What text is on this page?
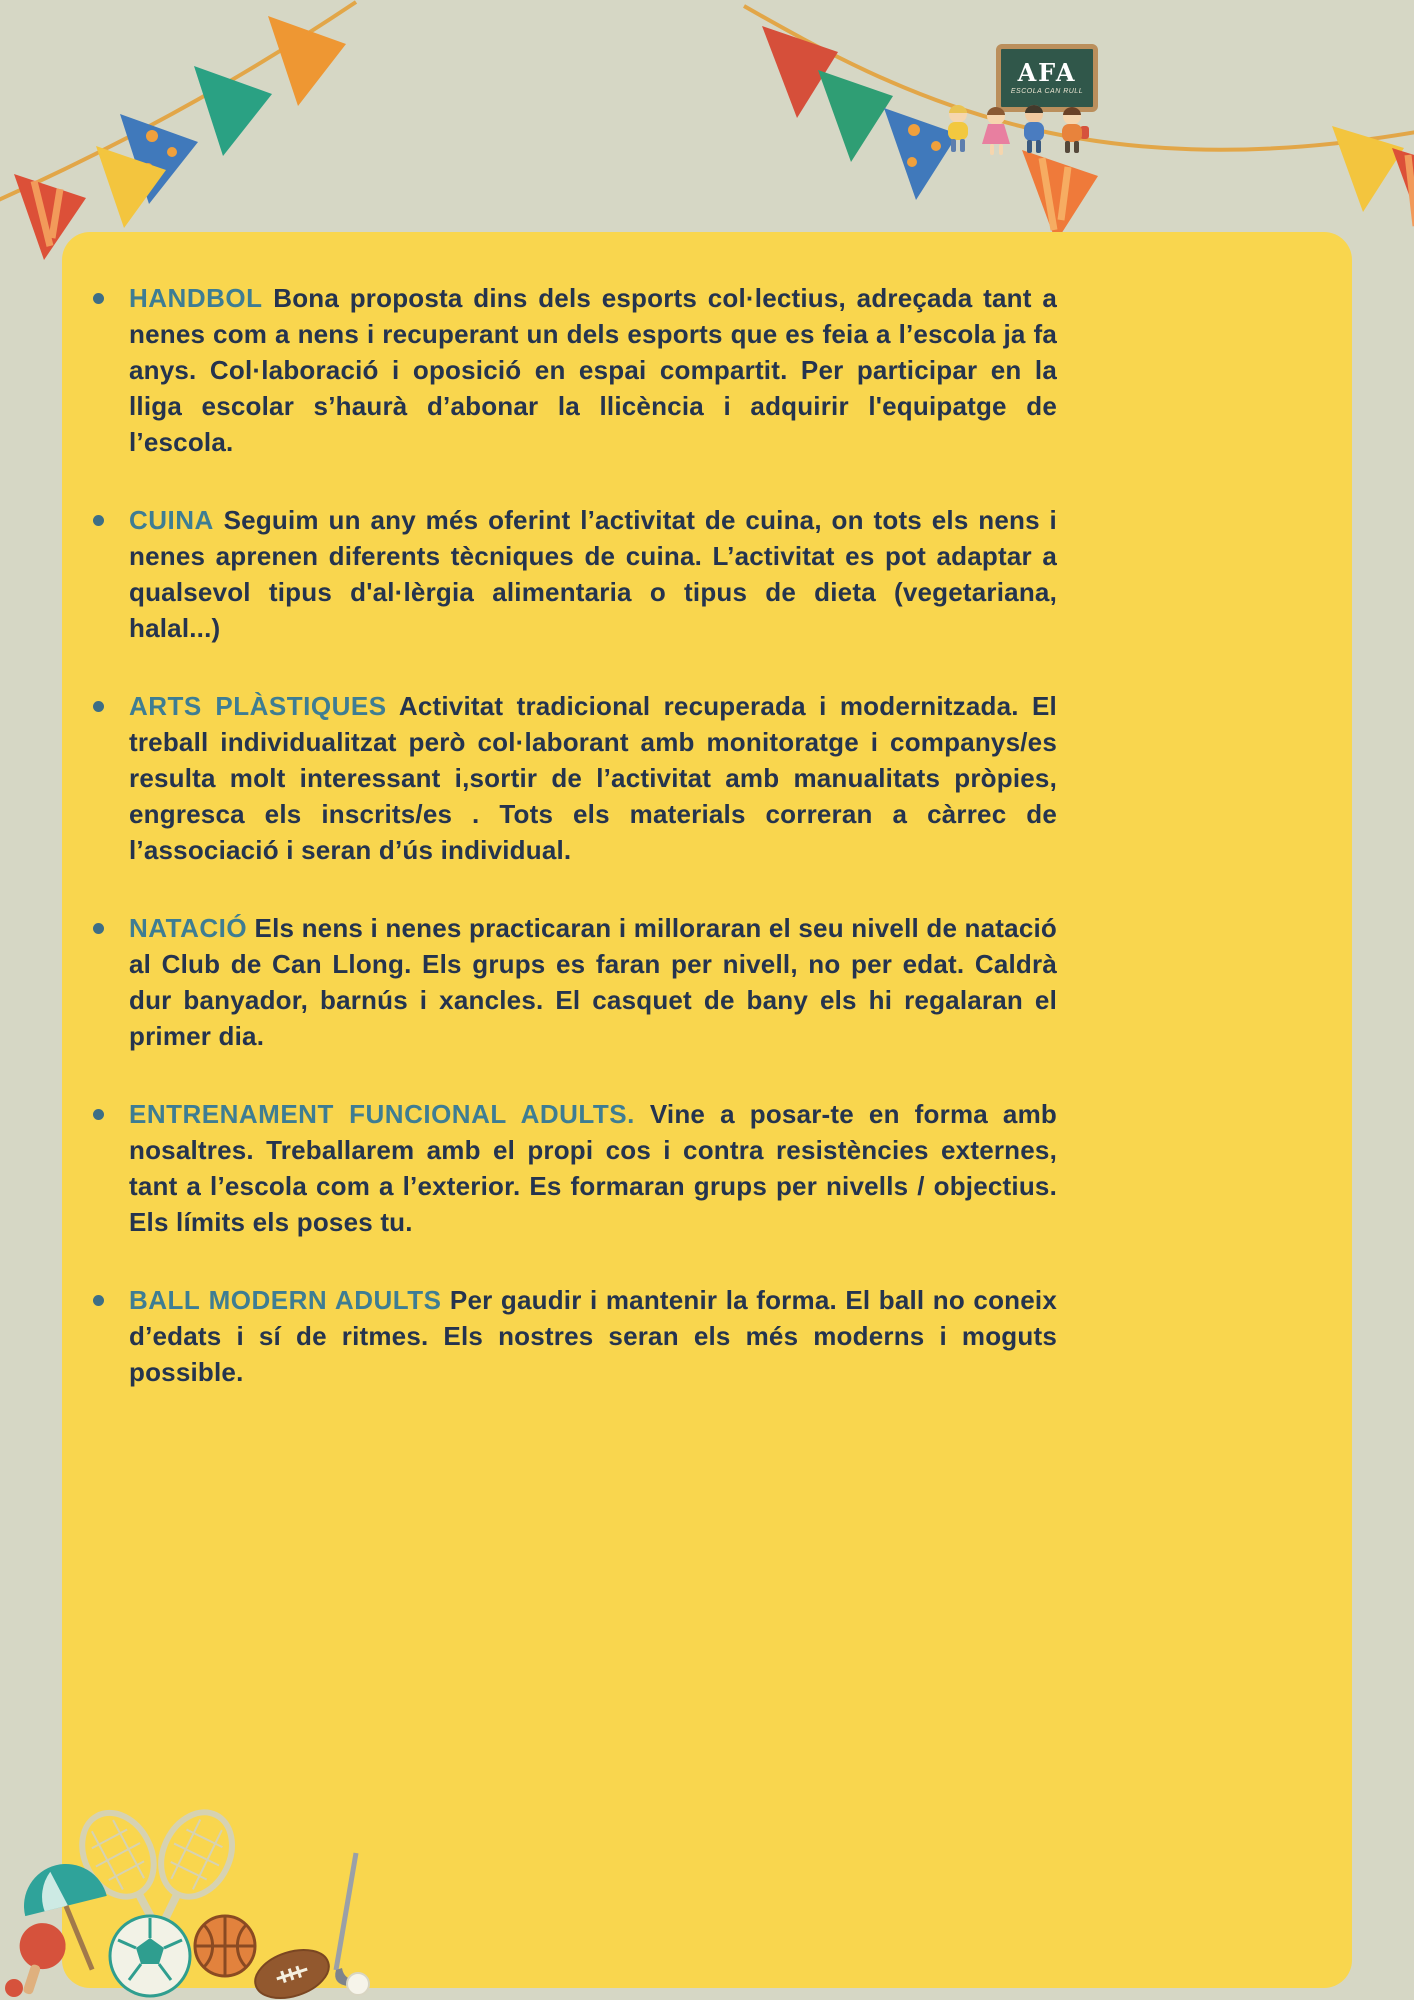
AFA
ESCOLA CAN RULL

HANDBOL Bona proposta dins dels esports col·lectius, adreçada tant a nenes com a nens i recuperant un dels esports que es feia a l’escola ja fa anys. Col·laboració i oposició en espai compartit. Per participar en la lliga escolar s’haurà d’abonar la llicència i adquirir l'equipatge de l’escola.

CUINA Seguim un any més oferint l’activitat de cuina, on tots els nens i nenes aprenen diferents tècniques de cuina. L’activitat es pot adaptar a qualsevol tipus d'al·lèrgia alimentaria o tipus de dieta (vegetariana, halal...)

ARTS PLÀSTIQUES Activitat tradicional recuperada i modernitzada. El treball individualitzat però col·laborant amb monitoratge i companys/es resulta molt interessant i,sortir de l’activitat amb manualitats pròpies, engresca els inscrits/es . Tots els materials correran a càrrec de l’associació i seran d’ús individual.

NATACIÓ Els nens i nenes practicaran i milloraran el seu nivell de natació al Club de Can Llong. Els grups es faran per nivell, no per edat. Caldrà dur banyador, barnús i xancles. El casquet de bany els hi regalaran el primer dia.

ENTRENAMENT FUNCIONAL ADULTS. Vine a posar-te en forma amb nosaltres. Treballarem amb el propi cos i contra resistències externes, tant a l’escola com a l’exterior. Es formaran grups per nivells / objectius. Els límits els poses tu.

BALL MODERN ADULTS Per gaudir i mantenir la forma. El ball no coneix d’edats i sí de ritmes. Els nostres seran els més moderns i moguts possible.
